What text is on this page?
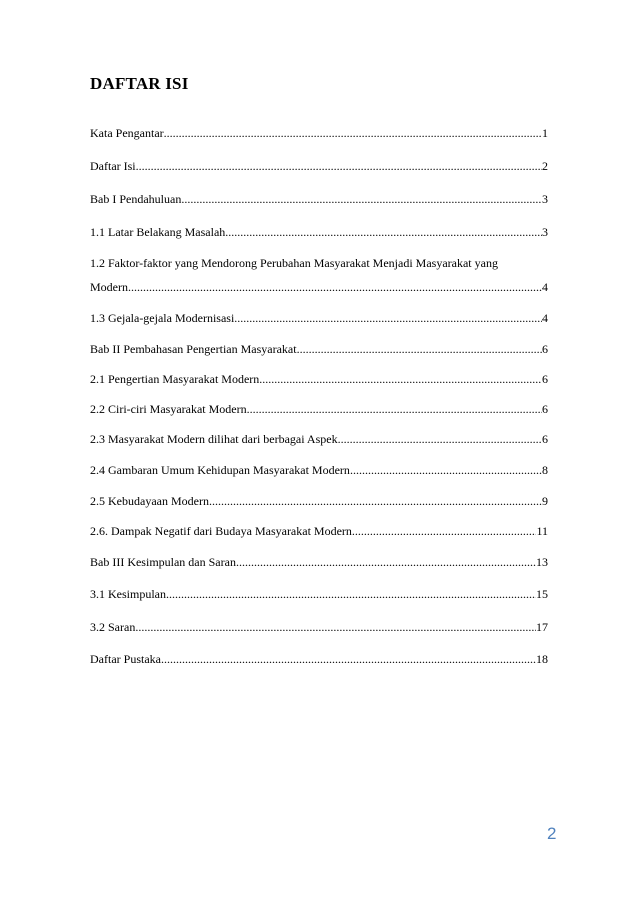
DAFTAR ISI
Kata Pengantar .....	1
Daftar Isi .....	2
Bab I Pendahuluan .....	3
1.1 Latar Belakang Masalah .....	3
1.2 Faktor-faktor yang Mendorong Perubahan Masyarakat Menjadi Masyarakat yang
Modern .....	4
1.3 Gejala-gejala Modernisasi .....	4
Bab II Pembahasan Pengertian Masyarakat .....	6
2.1 Pengertian Masyarakat Modern .....	6
2.2 Ciri-ciri Masyarakat Modern .....	6
2.3 Masyarakat Modern dilihat dari berbagai Aspek .....	6
2.4 Gambaran Umum Kehidupan Masyarakat Modern .....	8
2.5 Kebudayaan Modern .....	9
2.6. Dampak Negatif dari Budaya Masyarakat Modern .....	11
Bab III Kesimpulan dan Saran .....	13
3.1 Kesimpulan .....	15
3.2 Saran .....	17
Daftar Pustaka .....	18
2
